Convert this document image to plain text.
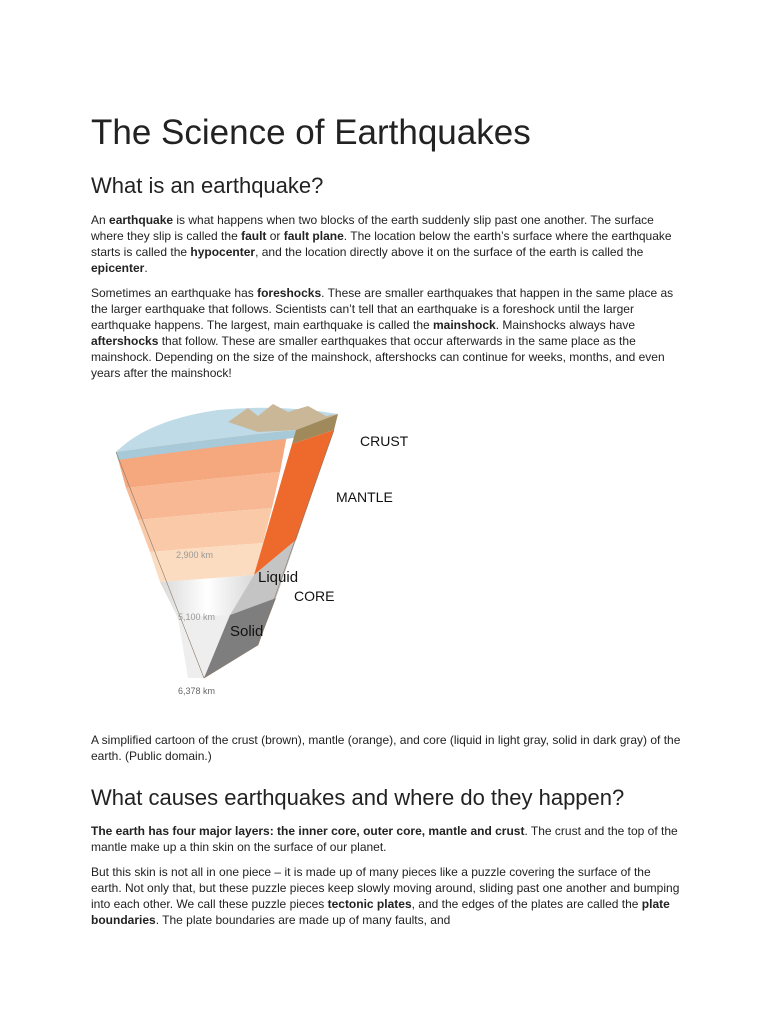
The Science of Earthquakes
What is an earthquake?

An earthquake is what happens when two blocks of the earth suddenly slip past one another. The surface where they slip is called the fault or fault plane. The location below the earth’s surface where the earthquake starts is called the hypocenter, and the location directly above it on the surface of the earth is called the epicenter.

Sometimes an earthquake has foreshocks. These are smaller earthquakes that happen in the same place as the larger earthquake that follows. Scientists can’t tell that an earthquake is a foreshock until the larger earthquake happens. The largest, main earthquake is called the mainshock. Mainshocks always have aftershocks that follow. These are smaller earthquakes that occur afterwards in the same place as the mainshock. Depending on the size of the mainshock, aftershocks can continue for weeks, months, and even years after the mainshock!

A simplified cartoon of the crust (brown), mantle (orange), and core (liquid in light gray, solid in dark gray) of the earth. (Public domain.)

What causes earthquakes and where do they happen?

The earth has four major layers: the inner core, outer core, mantle and crust. The crust and the top of the mantle make up a thin skin on the surface of our planet.

But this skin is not all in one piece – it is made up of many pieces like a puzzle covering the surface of the earth. Not only that, but these puzzle pieces keep slowly moving around, sliding past one another and bumping into each other. We call these puzzle pieces tectonic plates, and the edges of the plates are called the plate boundaries. The plate boundaries are made up of many faults, and

CRUST
MANTLE
Liquid
CORE
Solid
2,900 km
5,100 km
6,378 km
